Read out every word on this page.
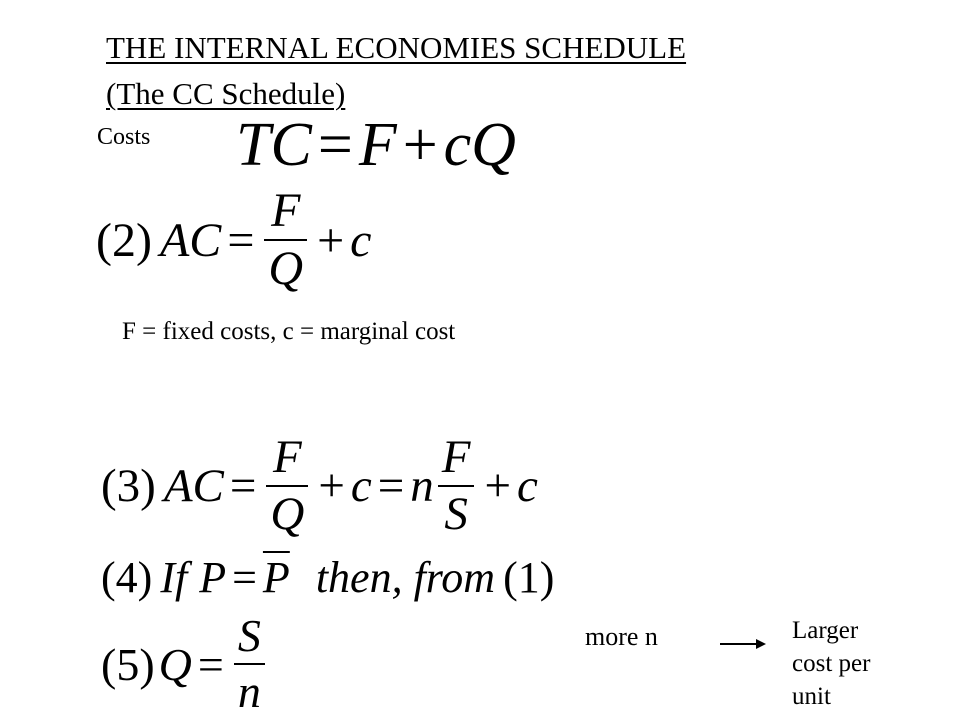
THE INTERNAL ECONOMIES SCHEDULE
(The CC Schedule)
Costs TC=F+cQ
(2) AC = $\frac{F}{Q} + c$
F = fixed costs, c = marginal cost
(3) AC = $\frac{F}{Q} + c = n \frac{F}{S} + c$
(4) If $P = \overline{P}$ then, from (1)
(5) $Q = \frac{S}{n}$	more n	Larger cost per unit
